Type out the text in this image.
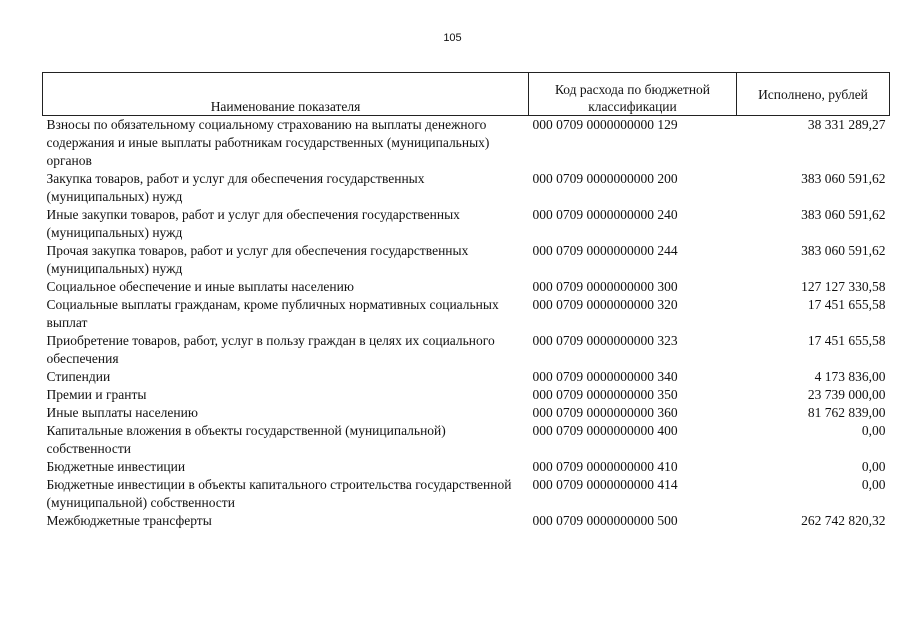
105
Наименование показателя	Код расхода по бюджетной классификации	Исполнено, рублей
Взносы по обязательному социальному страхованию на выплаты денежного содержания и иные выплаты работникам государственных (муниципальных) органов	000 0709 0000000000 129	38 331 289,27
Закупка товаров, работ и услуг для обеспечения государственных (муниципальных) нужд	000 0709 0000000000 200	383 060 591,62
Иные закупки товаров, работ и услуг для обеспечения государственных (муниципальных) нужд	000 0709 0000000000 240	383 060 591,62
Прочая закупка товаров, работ и услуг для обеспечения государственных (муниципальных) нужд	000 0709 0000000000 244	383 060 591,62
Социальное обеспечение и иные выплаты населению	000 0709 0000000000 300	127 127 330,58
Социальные выплаты гражданам, кроме публичных нормативных социальных выплат	000 0709 0000000000 320	17 451 655,58
Приобретение товаров, работ, услуг в пользу граждан в целях их социального обеспечения	000 0709 0000000000 323	17 451 655,58
Стипендии	000 0709 0000000000 340	4 173 836,00
Премии и гранты	000 0709 0000000000 350	23 739 000,00
Иные выплаты населению	000 0709 0000000000 360	81 762 839,00
Капитальные вложения в объекты государственной (муниципальной) собственности	000 0709 0000000000 400	0,00
Бюджетные инвестиции	000 0709 0000000000 410	0,00
Бюджетные инвестиции в объекты капитального строительства государственной (муниципальной) собственности	000 0709 0000000000 414	0,00
Межбюджетные трансферты	000 0709 0000000000 500	262 742 820,32
